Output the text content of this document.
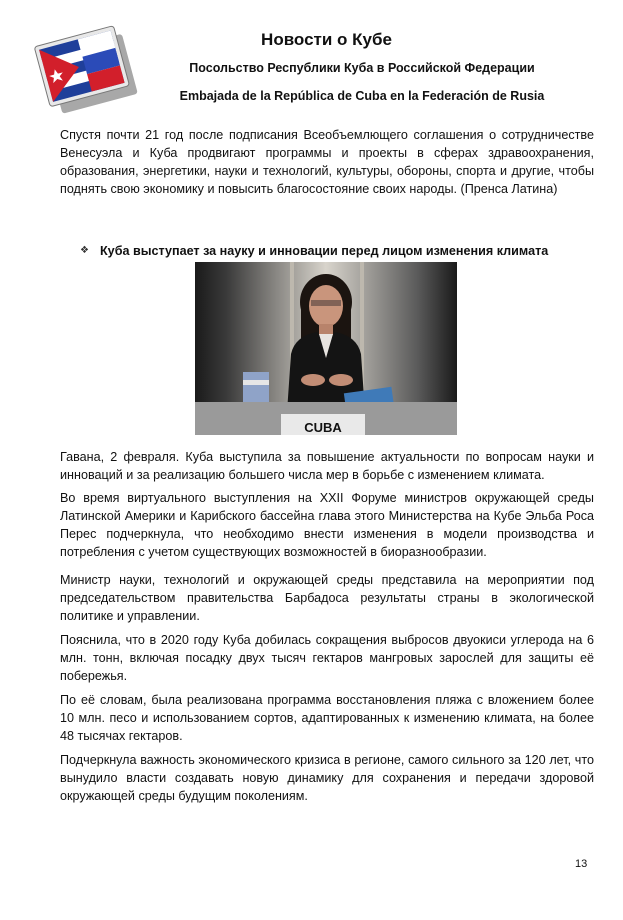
Новости о Кубе
Посольство Республики Куба в Российской Федерации
Embajada de la República de Cuba en la Federación de Rusia

Спустя почти 21 год после подписания Всеобъемлющего соглашения о сотрудничестве Венесуэла и Куба продвигают программы и проекты в сферах здравоохранения, образования, энергетики, науки и технологий, культуры, обороны, спорта и другие, чтобы поднять свою экономику и повысить благосостояние своих народы. (Пренса Латина)

Куба выступает за науку и инновации перед лицом изменения климата
❖
CUBA

Гавана, 2 февраля. Куба выступила за повышение актуальности по вопросам науки и инноваций и за реализацию большего числа мер в борьбе с изменением климата.

Во время виртуального выступления на XXII Форуме министров окружающей среды Латинской Америки и Карибского бассейна глава этого Министерства на Кубе Эльба Роса Перес подчеркнула, что необходимо внести изменения в модели производства и потребления с учетом существующих возможностей в биоразнообразии.

Министр науки, технологий и окружающей среды представила на мероприятии под председательством правительства Барбадоса результаты страны в экологической политике и управлении.

Пояснила, что в 2020 году Куба добилась сокращения выбросов двуокиси углерода на 6 млн. тонн, включая посадку двух тысяч гектаров мангровых зарослей для защиты её побережья.

По её словам, была реализована программа восстановления пляжа с вложением более 10 млн. песо и использованием сортов, адаптированных к изменению климата, на более 48 тысячах гектаров.

Подчеркнула важность экономического кризиса в регионе, самого сильного за 120 лет, что вынудило власти создавать новую динамику для сохранения и передачи здоровой окружающей среды будущим поколениям.

13
